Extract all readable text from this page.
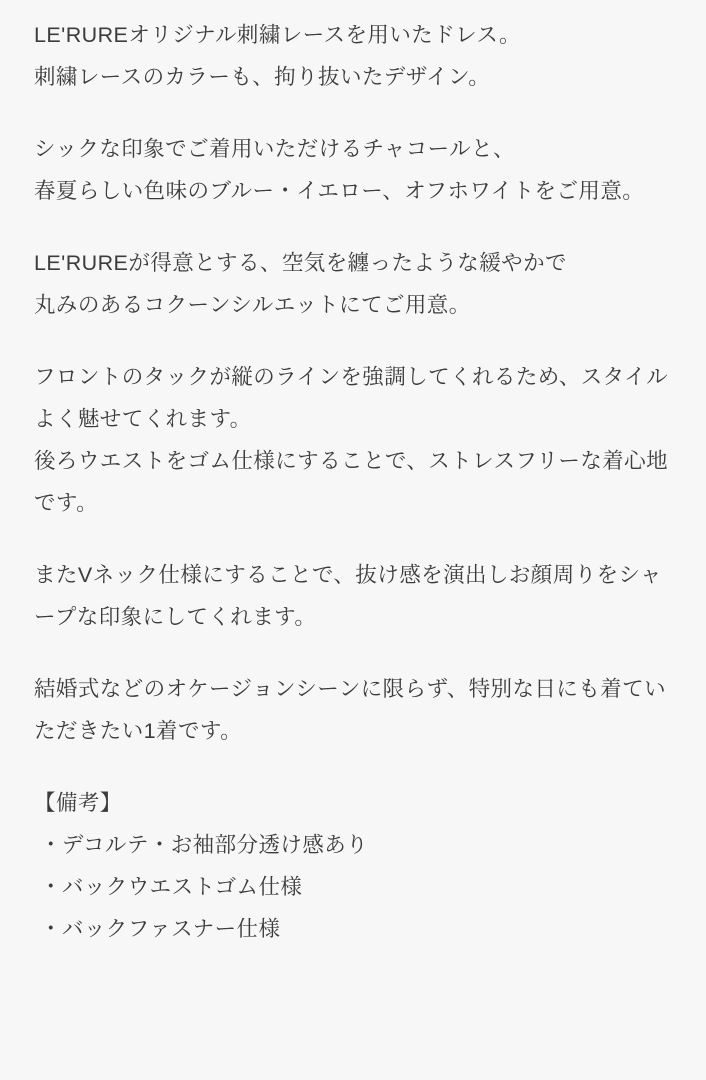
LE'RUREオリジナル刺繍レースを用いたドレス。
刺繍レースのカラーも、拘り抜いたデザイン。
シックな印象でご着用いただけるチャコールと、
春夏らしい色味のブルー・イエロー、オフホワイトをご用意。
LE'RUREが得意とする、空気を纏ったような緩やかで
丸みのあるコクーンシルエットにてご用意。
フロントのタックが縦のラインを強調してくれるため、スタイルよく魅せてくれます。
後ろウエストをゴム仕様にすることで、ストレスフリーな着心地です。
またVネック仕様にすることで、抜け感を演出しお顔周りをシャープな印象にしてくれます。
結婚式などのオケージョンシーンに限らず、特別な日にも着ていただきたい1着です。
【備考】
・デコルテ・お袖部分透け感あり
・バックウエストゴム仕様
・バックファスナー仕様
